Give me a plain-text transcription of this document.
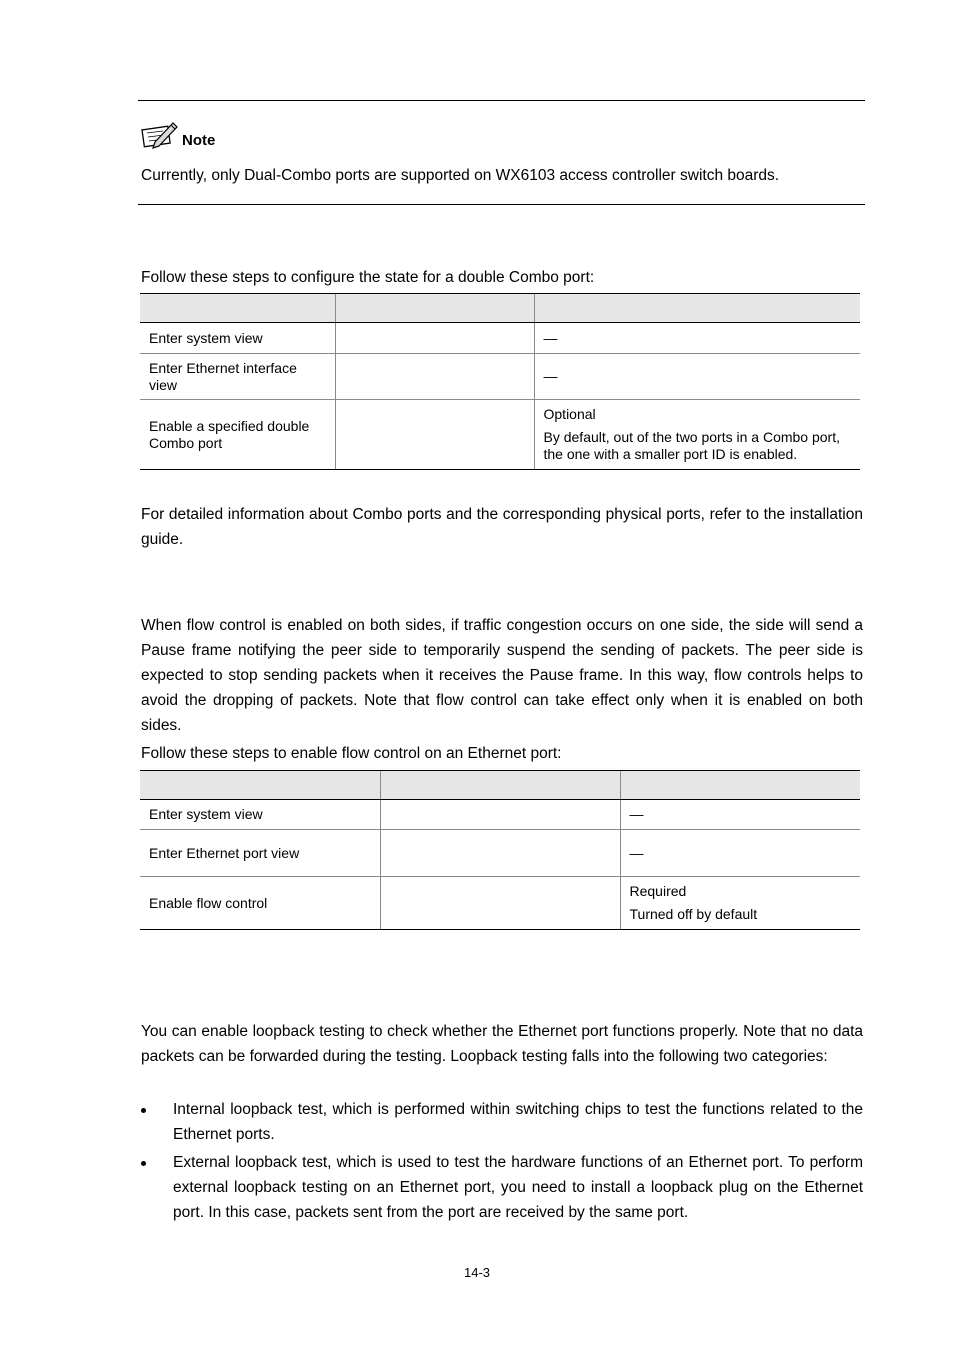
Note
Currently, only Dual-Combo ports are supported on WX6103 access controller switch boards.
Follow these steps to configure the state for a double Combo port:

Enter system view		—

Enter Ethernet interface view		—

Enable a specified double Combo port		Optional
By default, out of the two ports in a Combo port, the one with a smaller port ID is enabled.
For detailed information about Combo ports and the corresponding physical ports, refer to the installation guide.
When flow control is enabled on both sides, if traffic congestion occurs on one side, the side will send a Pause frame notifying the peer side to temporarily suspend the sending of packets. The peer side is expected to stop sending packets when it receives the Pause frame. In this way, flow controls helps to avoid the dropping of packets. Note that flow control can take effect only when it is enabled on both sides.
Follow these steps to enable flow control on an Ethernet port:

Enter system view		—

Enter Ethernet port view		—

Enable flow control		Required
Turned off by default
You can enable loopback testing to check whether the Ethernet port functions properly. Note that no data packets can be forwarded during the testing. Loopback testing falls into the following two categories:
Internal loopback test, which is performed within switching chips to test the functions related to the Ethernet ports.
External loopback test, which is used to test the hardware functions of an Ethernet port. To perform external loopback testing on an Ethernet port, you need to install a loopback plug on the Ethernet port. In this case, packets sent from the port are received by the same port.
14-3
